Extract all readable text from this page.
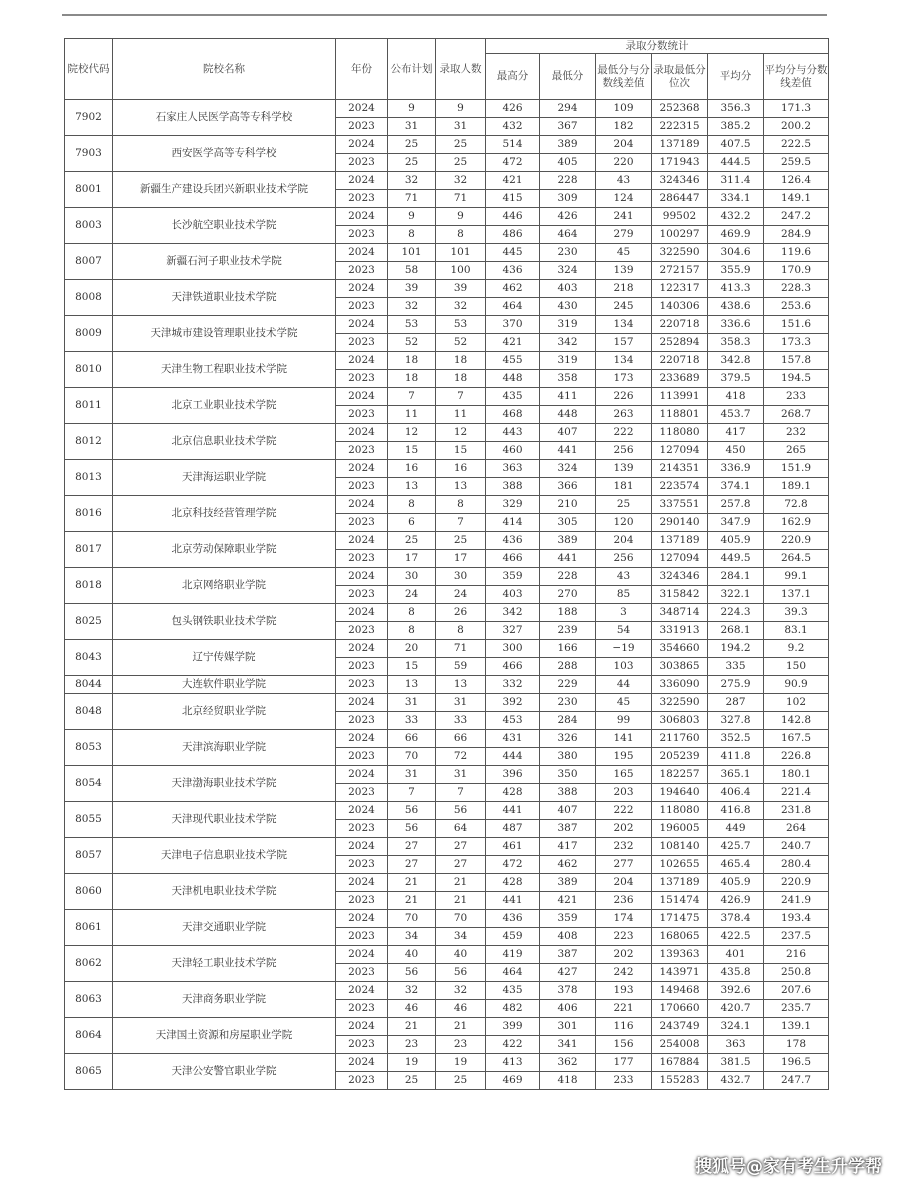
院校代码	院校名称	年份	公布计划	录取人数	录取分数统计					
					最高分	最低分	最低分与分数线差值	录取最低分位次	平均分	平均分与分数线差值
7902	石家庄人民医学高等专科学校	2024	9	9	426	294	109	252368	356.3	171.3
		2023	31	31	432	367	182	222315	385.2	200.2
7903	西安医学高等专科学校	2024	25	25	514	389	204	137189	407.5	222.5
		2023	25	25	472	405	220	171943	444.5	259.5
8001	新疆生产建设兵团兴新职业技术学院	2024	32	32	421	228	43	324346	311.4	126.4
		2023	71	71	415	309	124	286447	334.1	149.1
8003	长沙航空职业技术学院	2024	9	9	446	426	241	99502	432.2	247.2
		2023	8	8	486	464	279	100297	469.9	284.9
8007	新疆石河子职业技术学院	2024	101	101	445	230	45	322590	304.6	119.6
		2023	58	100	436	324	139	272157	355.9	170.9
8008	天津铁道职业技术学院	2024	39	39	462	403	218	122317	413.3	228.3
		2023	32	32	464	430	245	140306	438.6	253.6
8009	天津城市建设管理职业技术学院	2024	53	53	370	319	134	220718	336.6	151.6
		2023	52	52	421	342	157	252894	358.3	173.3
8010	天津生物工程职业技术学院	2024	18	18	455	319	134	220718	342.8	157.8
		2023	18	18	448	358	173	233689	379.5	194.5
8011	北京工业职业技术学院	2024	7	7	435	411	226	113991	418	233
		2023	11	11	468	448	263	118801	453.7	268.7
8012	北京信息职业技术学院	2024	12	12	443	407	222	118080	417	232
		2023	15	15	460	441	256	127094	450	265
8013	天津海运职业学院	2024	16	16	363	324	139	214351	336.9	151.9
		2023	13	13	388	366	181	223574	374.1	189.1
8016	北京科技经营管理学院	2024	8	8	329	210	25	337551	257.8	72.8
		2023	6	7	414	305	120	290140	347.9	162.9
8017	北京劳动保障职业学院	2024	25	25	436	389	204	137189	405.9	220.9
		2023	17	17	466	441	256	127094	449.5	264.5
8018	北京网络职业学院	2024	30	30	359	228	43	324346	284.1	99.1
		2023	24	24	403	270	85	315842	322.1	137.1
8025	包头钢铁职业技术学院	2024	8	26	342	188	3	348714	224.3	39.3
		2023	8	8	327	239	54	331913	268.1	83.1
8043	辽宁传媒学院	2024	20	71	300	166	−19	354660	194.2	9.2
		2023	15	59	466	288	103	303865	335	150
8044	大连软件职业学院	2023	13	13	332	229	44	336090	275.9	90.9
8048	北京经贸职业学院	2024	31	31	392	230	45	322590	287	102
		2023	33	33	453	284	99	306803	327.8	142.8
8053	天津滨海职业学院	2024	66	66	431	326	141	211760	352.5	167.5
		2023	70	72	444	380	195	205239	411.8	226.8
8054	天津渤海职业技术学院	2024	31	31	396	350	165	182257	365.1	180.1
		2023	7	7	428	388	203	194640	406.4	221.4
8055	天津现代职业技术学院	2024	56	56	441	407	222	118080	416.8	231.8
		2023	56	64	487	387	202	196005	449	264
8057	天津电子信息职业技术学院	2024	27	27	461	417	232	108140	425.7	240.7
		2023	27	27	472	462	277	102655	465.4	280.4
8060	天津机电职业技术学院	2024	21	21	428	389	204	137189	405.9	220.9
		2023	21	21	441	421	236	151474	426.9	241.9
8061	天津交通职业学院	2024	70	70	436	359	174	171475	378.4	193.4
		2023	34	34	459	408	223	168065	422.5	237.5
8062	天津轻工职业技术学院	2024	40	40	419	387	202	139363	401	216
		2023	56	56	464	427	242	143971	435.8	250.8
8063	天津商务职业学院	2024	32	32	435	378	193	149468	392.6	207.6
		2023	46	46	482	406	221	170660	420.7	235.7
8064	天津国土资源和房屋职业学院	2024	21	21	399	301	116	243749	324.1	139.1
		2023	23	23	422	341	156	254008	363	178
8065	天津公安警官职业学院	2024	19	19	413	362	177	167884	381.5	196.5
		2023	25	25	469	418	233	155283	432.7	247.7
搜狐号@家有考生升学帮
